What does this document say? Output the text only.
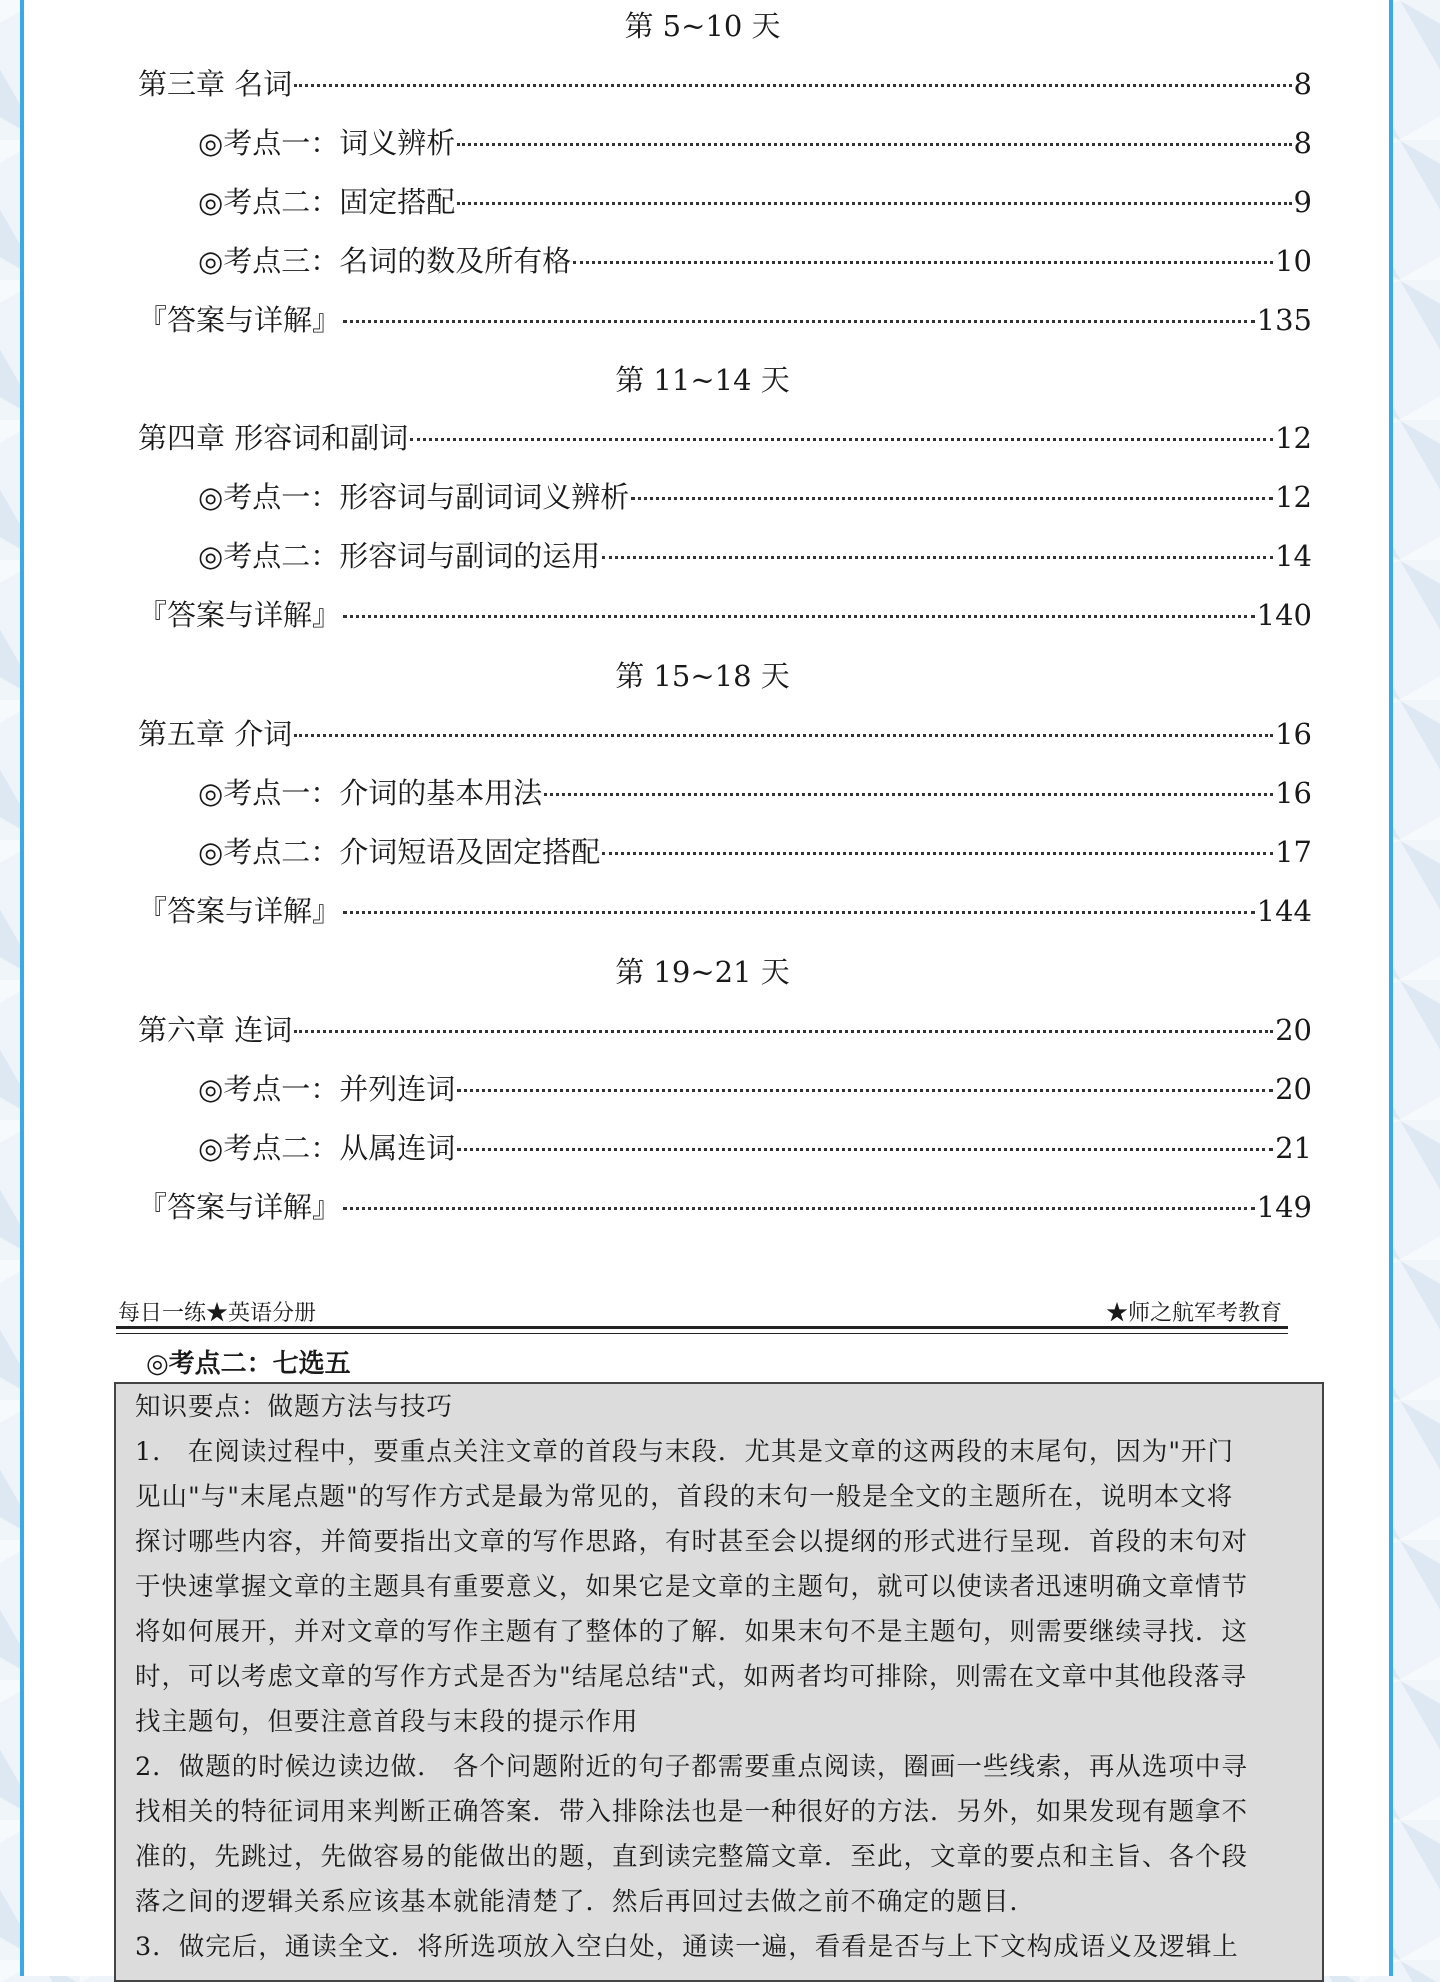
第 5~10 天
第三章 名词	8
◎考点一：词义辨析	8
◎考点二：固定搭配	9
◎考点三：名词的数及所有格	10
『答案与详解』	135
第 11~14 天
第四章 形容词和副词	12
◎考点一：形容词与副词词义辨析	12
◎考点二：形容词与副词的运用	14
『答案与详解』	140
第 15~18 天
第五章 介词	16
◎考点一：介词的基本用法	16
◎考点二：介词短语及固定搭配	17
『答案与详解』	144
第 19~21 天
第六章 连词	20
◎考点一：并列连词	20
◎考点二：从属连词	21
『答案与详解』	149
每日一练★英语分册	★师之航军考教育
◎考点二：七选五
知识要点：做题方法与技巧
1． 在阅读过程中，要重点关注文章的首段与末段．尤其是文章的这两段的末尾句，因为"开门
见山"与"末尾点题"的写作方式是最为常见的，首段的末句一般是全文的主题所在，说明本文将
探讨哪些内容，并简要指出文章的写作思路，有时甚至会以提纲的形式进行呈现．首段的末句对
于快速掌握文章的主题具有重要意义，如果它是文章的主题句，就可以使读者迅速明确文章情节
将如何展开，并对文章的写作主题有了整体的了解．如果末句不是主题句，则需要继续寻找．这
时，可以考虑文章的写作方式是否为"结尾总结"式，如两者均可排除，则需在文章中其他段落寻
找主题句，但要注意首段与末段的提示作用
2．做题的时候边读边做． 各个问题附近的句子都需要重点阅读，圈画一些线索，再从选项中寻
找相关的特征词用来判断正确答案．带入排除法也是一种很好的方法．另外，如果发现有题拿不
准的，先跳过，先做容易的能做出的题，直到读完整篇文章．至此，文章的要点和主旨、各个段
落之间的逻辑关系应该基本就能清楚了．然后再回过去做之前不确定的题目．
3．做完后，通读全文．将所选项放入空白处，通读一遍，看看是否与上下文构成语义及逻辑上
